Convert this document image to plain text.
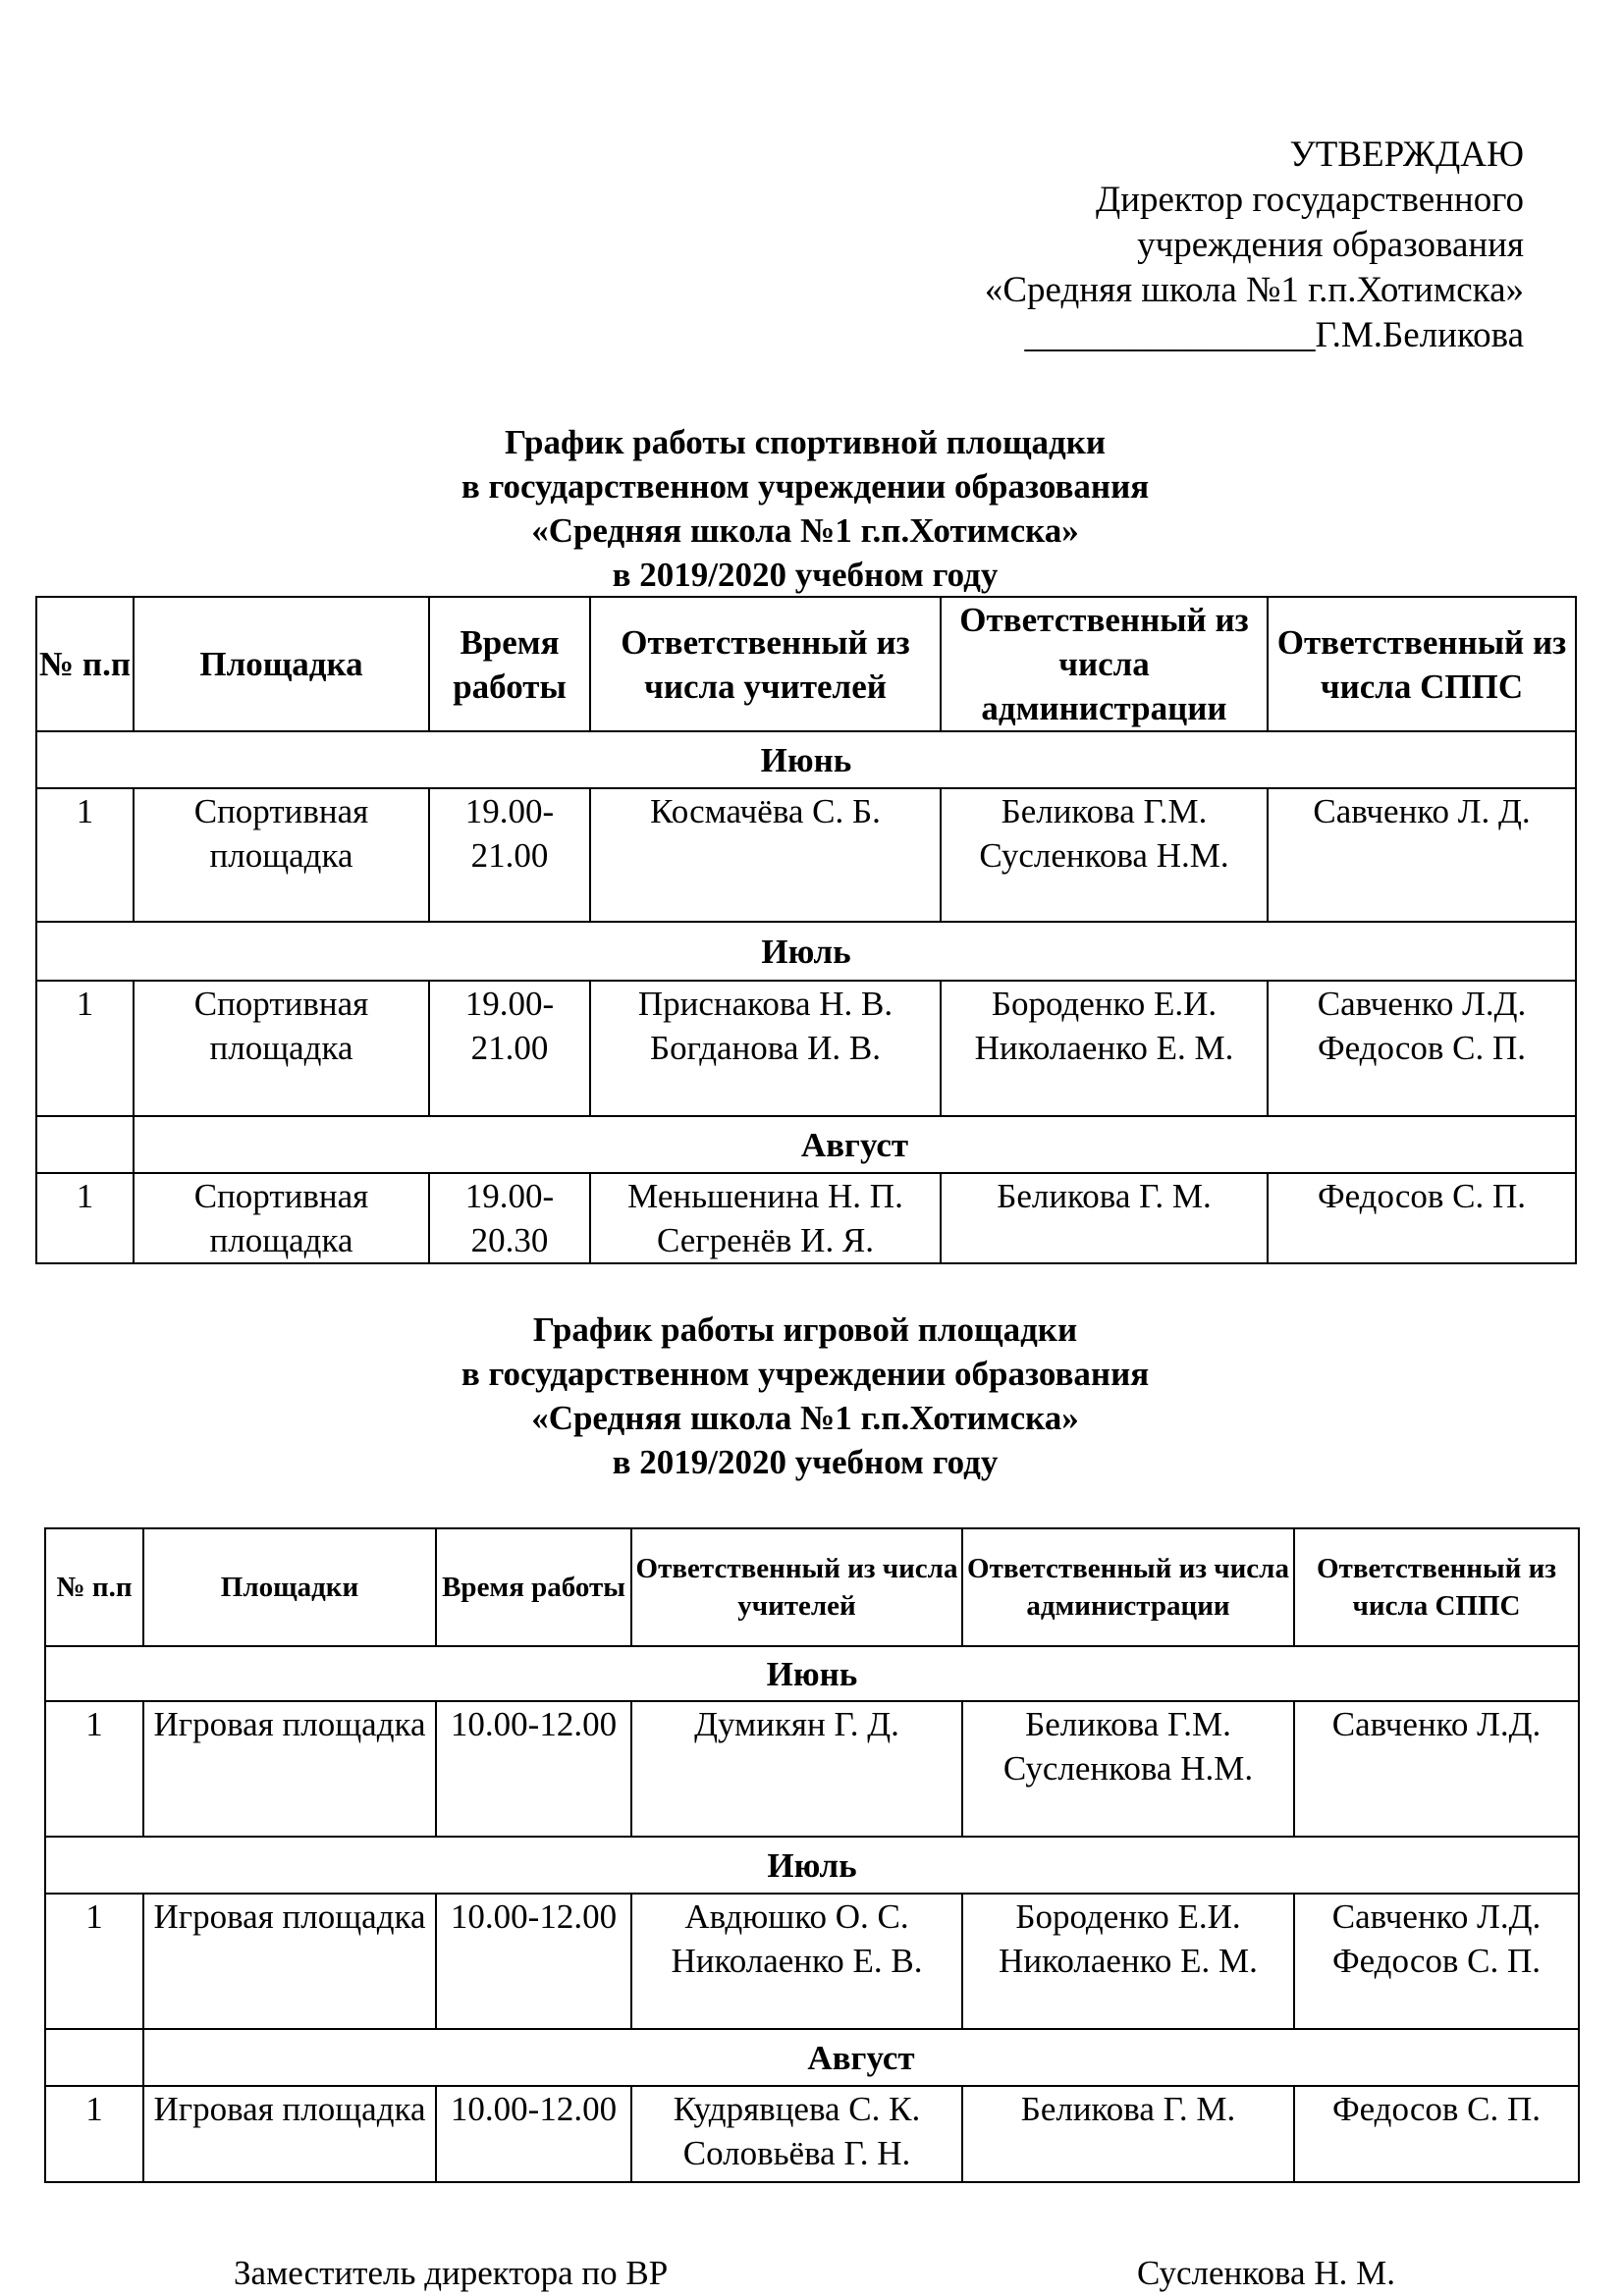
УТВЕРЖДАЮ
Директор государственного
учреждения образования
«Средняя школа №1 г.п.Хотимска»
________________Г.М.Беликова
График работы спортивной площадки
в государственном учреждении образования
«Средняя школа №1 г.п.Хотимска»
в 2019/2020 учебном году
№ п.п	Площадка	Время работы	Ответственный из числа учителей	Ответственный из числа администрации	Ответственный из числа СППС
Июнь					
1	Спортивная площадка	19.00-21.00	Космачёва С. Б.	Беликова Г.М. Сусленкова Н.М.	Савченко Л. Д.
Июль					
1	Спортивная площадка	19.00-21.00	Приснакова Н. В. Богданова И. В.	Бороденко Е.И. Николаенко Е. М.	Савченко Л.Д. Федосов С. П.
	Август				
1	Спортивная площадка	19.00-20.30	Меньшенина Н. П. Сегренёв И. Я.	Беликова Г. М.	Федосов С. П.
График работы игровой площадки
в государственном учреждении образования
«Средняя школа №1 г.п.Хотимска»
в 2019/2020 учебном году
№ п.п	Площадки	Время работы	Ответственный из числа учителей	Ответственный из числа администрации	Ответственный из числа СППС
Июнь					
1	Игровая площадка	10.00-12.00	Думикян Г. Д.	Беликова Г.М. Сусленкова Н.М.	Савченко Л.Д.
Июль					
1	Игровая площадка	10.00-12.00	Авдюшко О. С. Николаенко Е. В.	Бороденко Е.И. Николаенко Е. М.	Савченко Л.Д. Федосов С. П.
	Август				
1	Игровая площадка	10.00-12.00	Кудрявцева С. К. Соловьёва Г. Н.	Беликова Г. М.	Федосов С. П.
Заместитель директора по ВР	Сусленкова Н. М.
